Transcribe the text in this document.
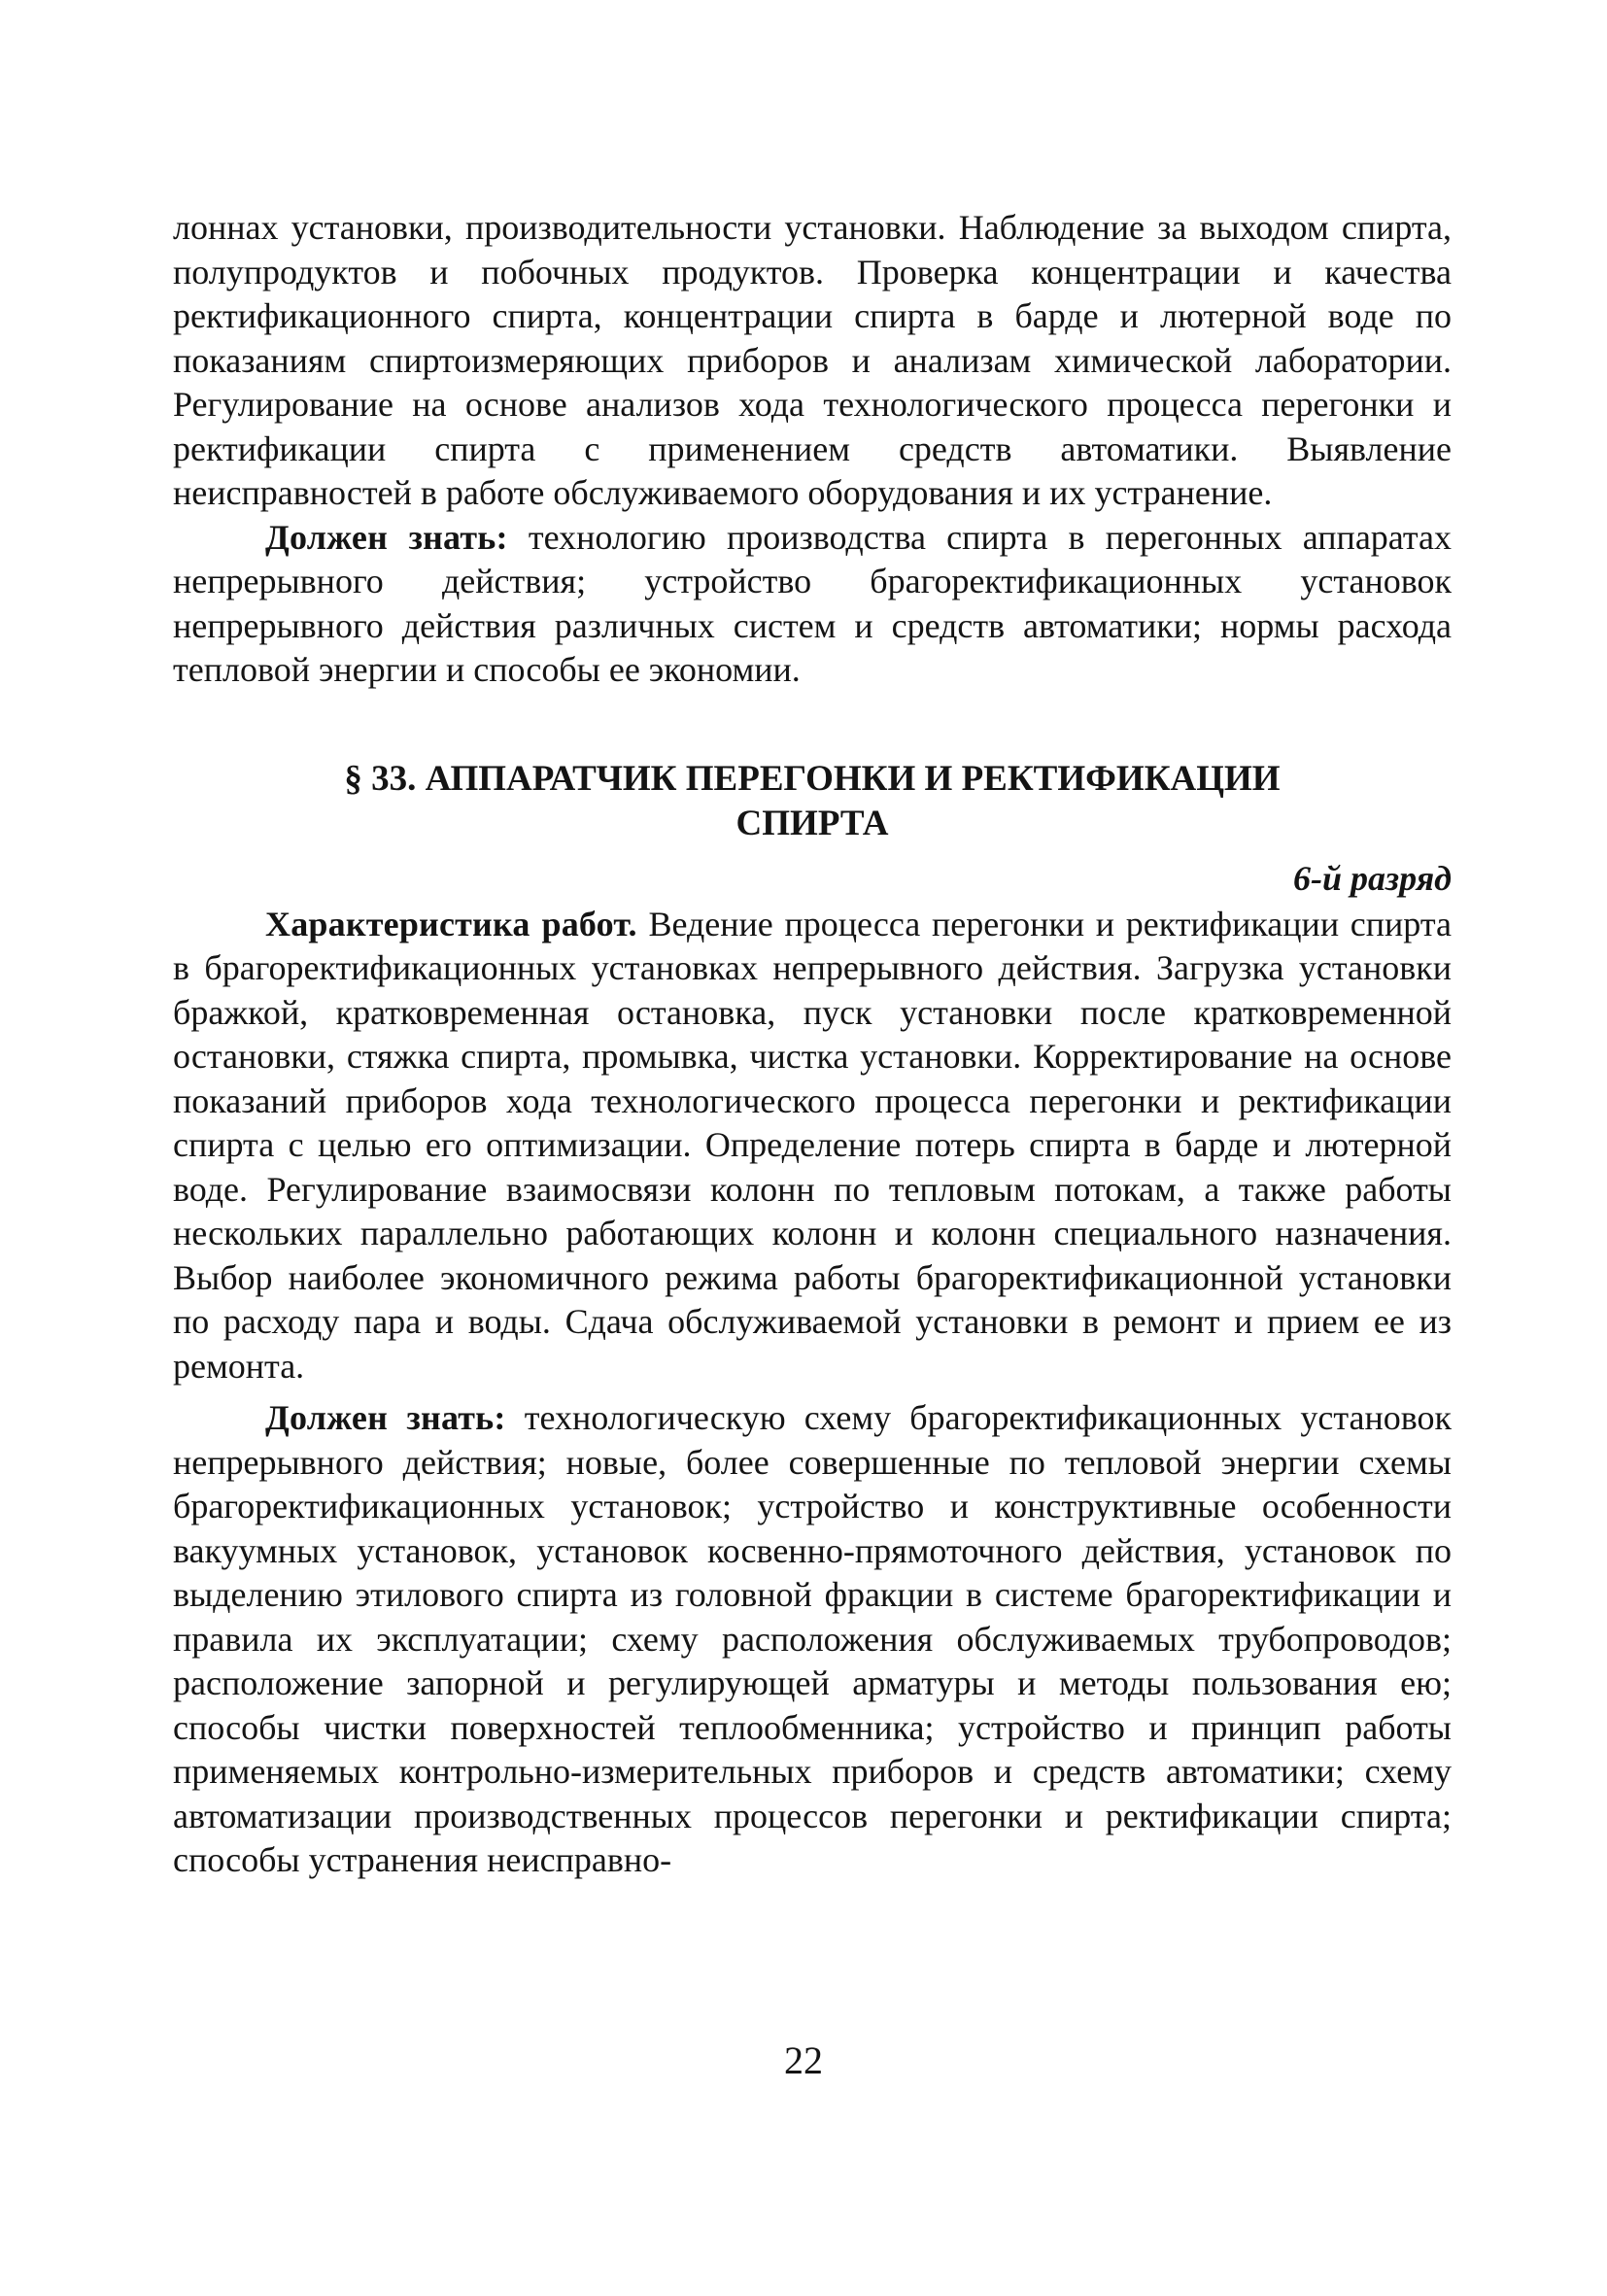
лоннах установки, производительности установки. Наблюдение за выходом спирта, полупродуктов и побочных продуктов. Проверка концентрации и качества ректификационного спирта, концентрации спирта в барде и лютерной воде по показаниям спиртоизмеряющих приборов и анализам химической лаборатории. Регулирование на основе анализов хода технологического процесса перегонки и ректификации спирта с применением средств автоматики. Выявление неисправностей в работе обслуживаемого оборудования и их устранение.

Должен знать: технологию производства спирта в перегонных аппаратах непрерывного действия; устройство брагоректификационных установок непрерывного действия различных систем и средств автоматики; нормы расхода тепловой энергии и способы ее экономии.

§ 33. АППАРАТЧИК ПЕРЕГОНКИ И РЕКТИФИКАЦИИ
СПИРТА
6-й разряд

Характеристика работ. Ведение процесса перегонки и ректификации спирта в брагоректификационных установках непрерывного действия. Загрузка установки бражкой, кратковременная остановка, пуск установки после кратковременной остановки, стяжка спирта, промывка, чистка установки. Корректирование на основе показаний приборов хода технологического процесса перегонки и ректификации спирта с целью его оптимизации. Определение потерь спирта в барде и лютерной воде. Регулирование взаимосвязи колонн по тепловым потокам, а также работы нескольких параллельно работающих колонн и колонн специального назначения. Выбор наиболее экономичного режима работы брагоректификационной установки по расходу пара и воды. Сдача обслуживаемой установки в ремонт и прием ее из ремонта.

Должен знать: технологическую схему брагоректификационных установок непрерывного действия; новые, более совершенные по тепловой энергии схемы брагоректификационных установок; устройство и конструктивные особенности вакуумных установок, установок косвенно-прямоточного действия, установок по выделению этилового спирта из головной фракции в системе брагоректификации и правила их эксплуатации; схему расположения обслуживаемых трубопроводов; расположение запорной и регулирующей арматуры и методы пользования ею; способы чистки поверхностей теплообменника; устройство и принцип работы применяемых контрольно-измерительных приборов и средств автоматики; схему автоматизации производственных процессов перегонки и ректификации спирта; способы устранения неисправно-

22
